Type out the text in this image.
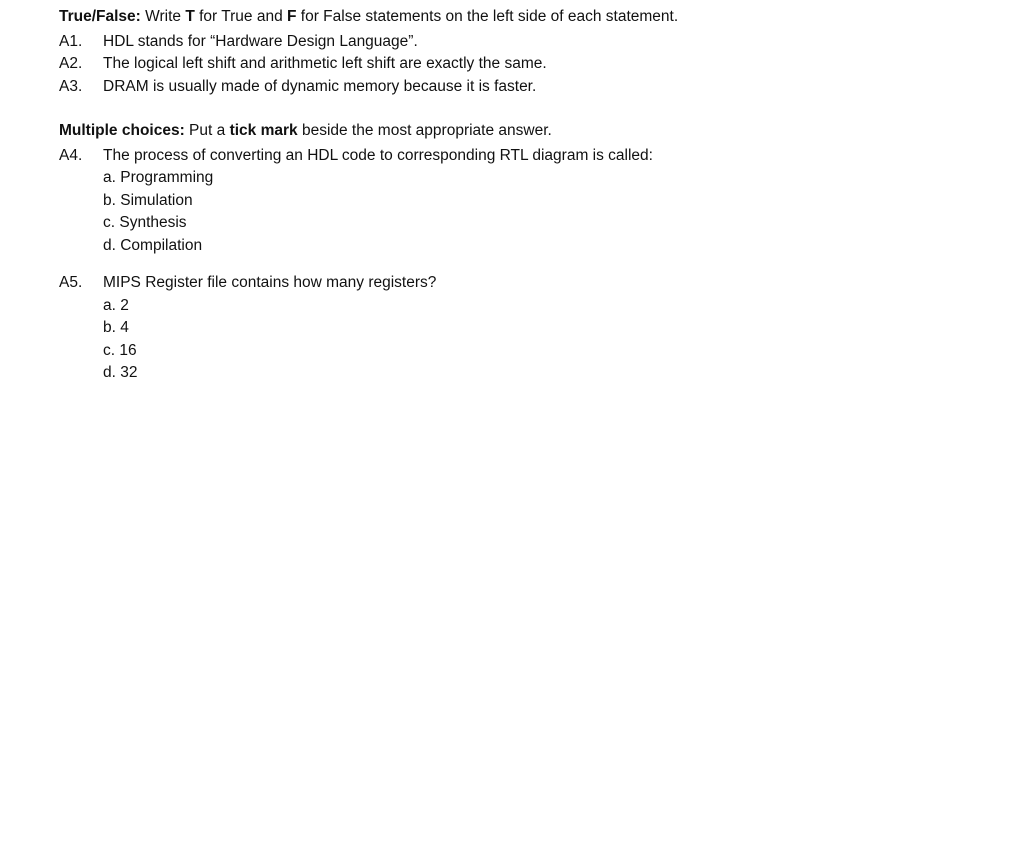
True/False: Write T for True and F for False statements on the left side of each statement.

A1.	HDL stands for “Hardware Design Language”.
A2.	The logical left shift and arithmetic left shift are exactly the same.
A3.	DRAM is usually made of dynamic memory because it is faster.

Multiple choices: Put a tick mark beside the most appropriate answer.

A4.	The process of converting an HDL code to corresponding RTL diagram is called:
a. Programming
b. Simulation
c. Synthesis
d. Compilation
A5.	MIPS Register file contains how many registers?
a. 2
b. 4
c. 16
d. 32
